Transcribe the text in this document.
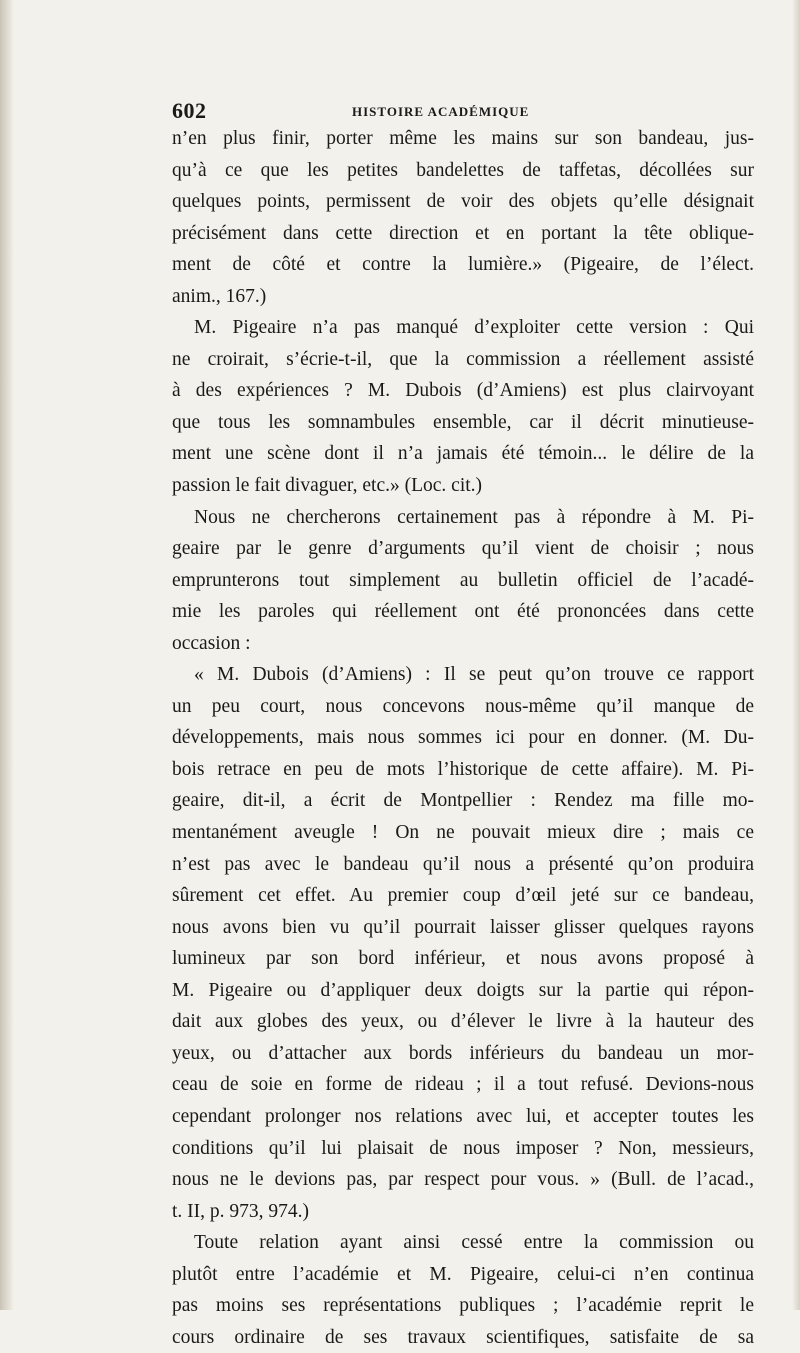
602	HISTOIRE ACADÉMIQUE
n’en plus finir, porter même les mains sur son bandeau, jus-
qu’à ce que les petites bandelettes de taffetas, décollées sur
quelques points, permissent de voir des objets qu’elle désignait
précisément dans cette direction et en portant la tête oblique-
ment de côté et contre la lumière.» (Pigeaire, de l’élect.
anim., 167.)
M. Pigeaire n’a pas manqué d’exploiter cette version : Qui
ne croirait, s’écrie-t-il, que la commission a réellement assisté
à des expériences ? M. Dubois (d’Amiens) est plus clairvoyant
que tous les somnambules ensemble, car il décrit minutieuse-
ment une scène dont il n’a jamais été témoin... le délire de la
passion le fait divaguer, etc.» (Loc. cit.)
Nous ne chercherons certainement pas à répondre à M. Pi-
geaire par le genre d’arguments qu’il vient de choisir ; nous
emprunterons tout simplement au bulletin officiel de l’acadé-
mie les paroles qui réellement ont été prononcées dans cette
occasion :
« M. Dubois (d’Amiens) : Il se peut qu’on trouve ce rapport
un peu court, nous concevons nous-même qu’il manque de
développements, mais nous sommes ici pour en donner. (M. Du-
bois retrace en peu de mots l’historique de cette affaire). M. Pi-
geaire, dit-il, a écrit de Montpellier : Rendez ma fille mo-
mentanément aveugle ! On ne pouvait mieux dire ; mais ce
n’est pas avec le bandeau qu’il nous a présenté qu’on produira
sûrement cet effet. Au premier coup d’œil jeté sur ce bandeau,
nous avons bien vu qu’il pourrait laisser glisser quelques rayons
lumineux par son bord inférieur, et nous avons proposé à
M. Pigeaire ou d’appliquer deux doigts sur la partie qui répon-
dait aux globes des yeux, ou d’élever le livre à la hauteur des
yeux, ou d’attacher aux bords inférieurs du bandeau un mor-
ceau de soie en forme de rideau ; il a tout refusé. Devions-nous
cependant prolonger nos relations avec lui, et accepter toutes les
conditions qu’il lui plaisait de nous imposer ? Non, messieurs,
nous ne le devions pas, par respect pour vous. » (Bull. de l’acad.,
t. II, p. 973, 974.)
Toute relation ayant ainsi cessé entre la commission ou
plutôt entre l’académie et M. Pigeaire, celui-ci n’en continua
pas moins ses représentations publiques ; l’académie reprit le
cours ordinaire de ses travaux scientifiques, satisfaite de sa
